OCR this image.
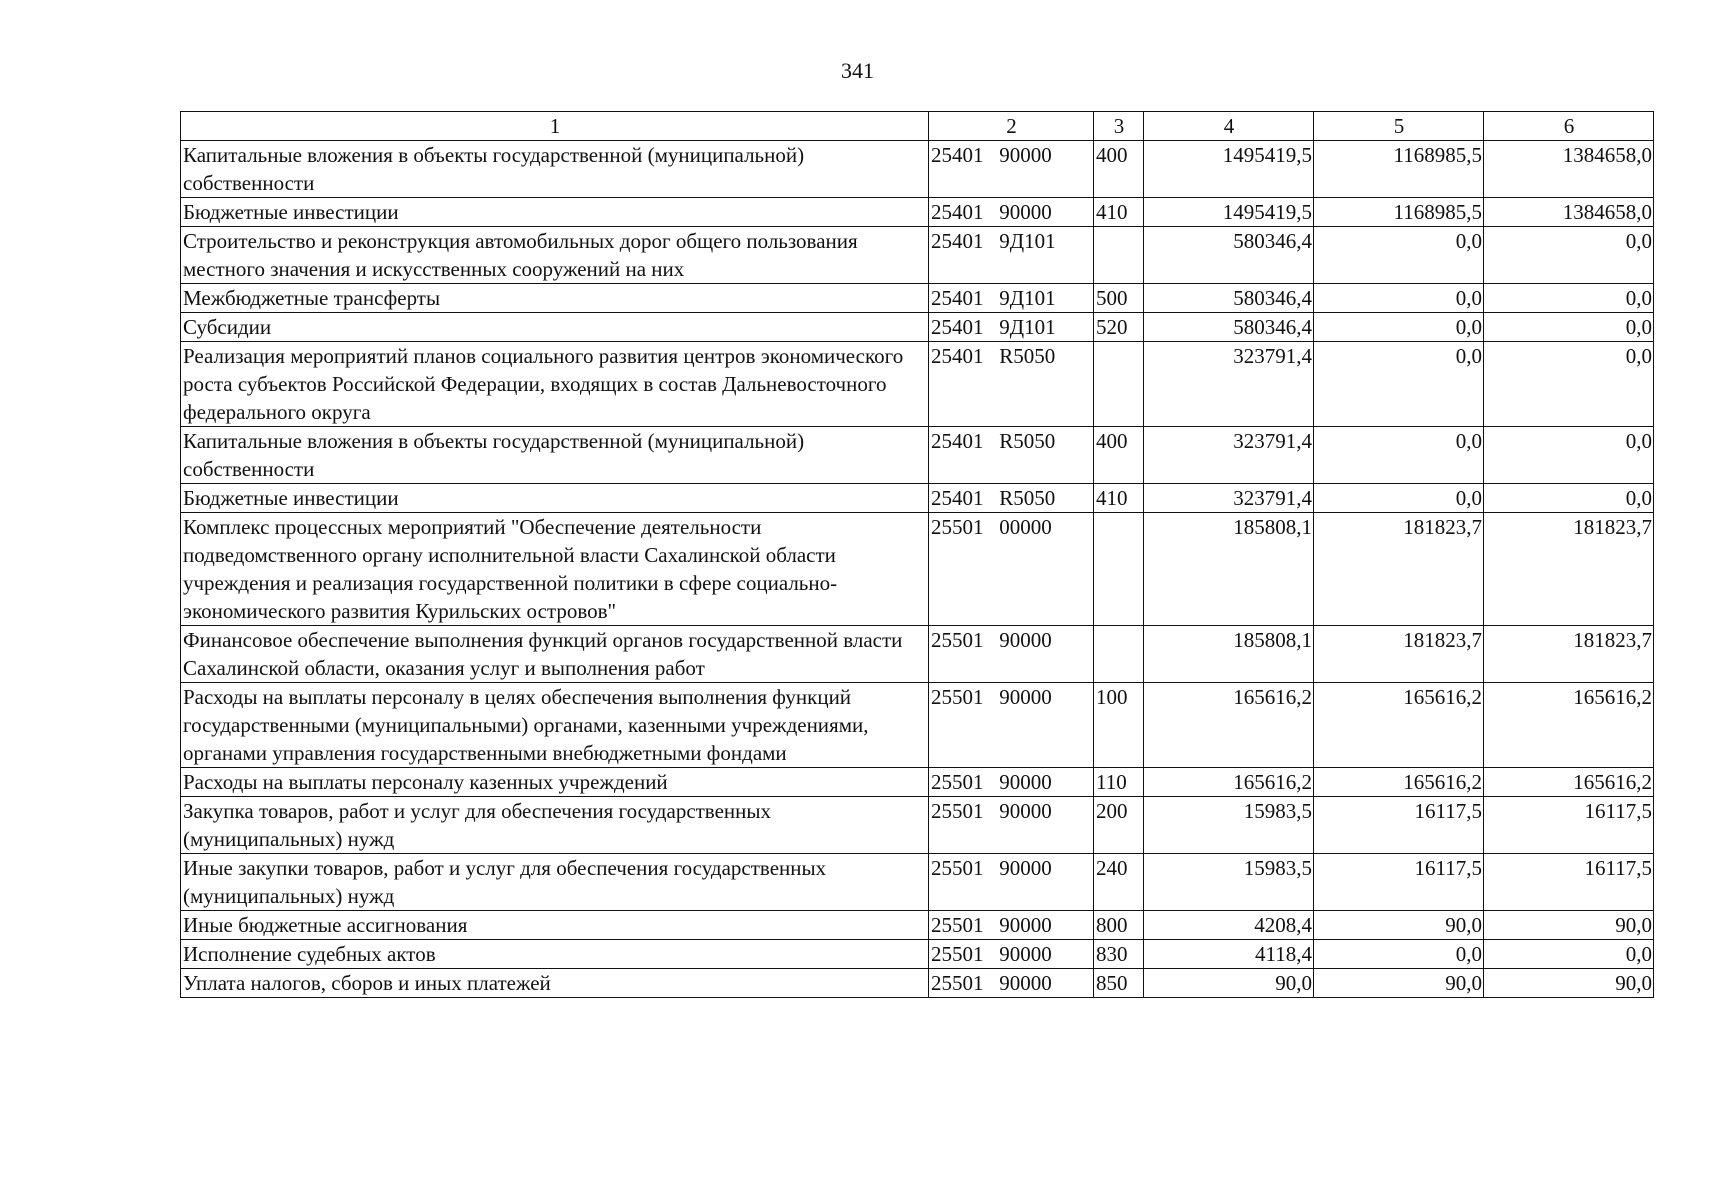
341
1	2	3	4	5	6
Капитальные вложения в объекты государственной (муниципальной) собственности	25401   90000	400	1495419,5	1168985,5	1384658,0
Бюджетные инвестиции	25401   90000	410	1495419,5	1168985,5	1384658,0
Строительство и реконструкция автомобильных дорог общего пользования местного значения и искусственных сооружений на них	25401   9Д101		580346,4	0,0	0,0
Межбюджетные трансферты	25401   9Д101	500	580346,4	0,0	0,0
Субсидии	25401   9Д101	520	580346,4	0,0	0,0
Реализация мероприятий планов социального развития центров экономического роста субъектов Российской Федерации, входящих в состав Дальневосточного федерального округа	25401   R5050		323791,4	0,0	0,0
Капитальные вложения в объекты государственной (муниципальной) собственности	25401   R5050	400	323791,4	0,0	0,0
Бюджетные инвестиции	25401   R5050	410	323791,4	0,0	0,0
Комплекс процессных мероприятий "Обеспечение деятельности подведомственного органу исполнительной власти Сахалинской области учреждения и реализация государственной политики в сфере социально-экономического развития Курильских островов"	25501   00000		185808,1	181823,7	181823,7
Финансовое обеспечение выполнения функций органов государственной власти Сахалинской области, оказания услуг и выполнения работ	25501   90000		185808,1	181823,7	181823,7
Расходы на выплаты персоналу в целях обеспечения выполнения функций государственными (муниципальными) органами, казенными учреждениями, органами управления государственными внебюджетными фондами	25501   90000	100	165616,2	165616,2	165616,2
Расходы на выплаты персоналу казенных учреждений	25501   90000	110	165616,2	165616,2	165616,2
Закупка товаров, работ и услуг для обеспечения государственных (муниципальных) нужд	25501   90000	200	15983,5	16117,5	16117,5
Иные закупки товаров, работ и услуг для обеспечения государственных (муниципальных) нужд	25501   90000	240	15983,5	16117,5	16117,5
Иные бюджетные ассигнования	25501   90000	800	4208,4	90,0	90,0
Исполнение судебных актов	25501   90000	830	4118,4	0,0	0,0
Уплата налогов, сборов и иных платежей	25501   90000	850	90,0	90,0	90,0
